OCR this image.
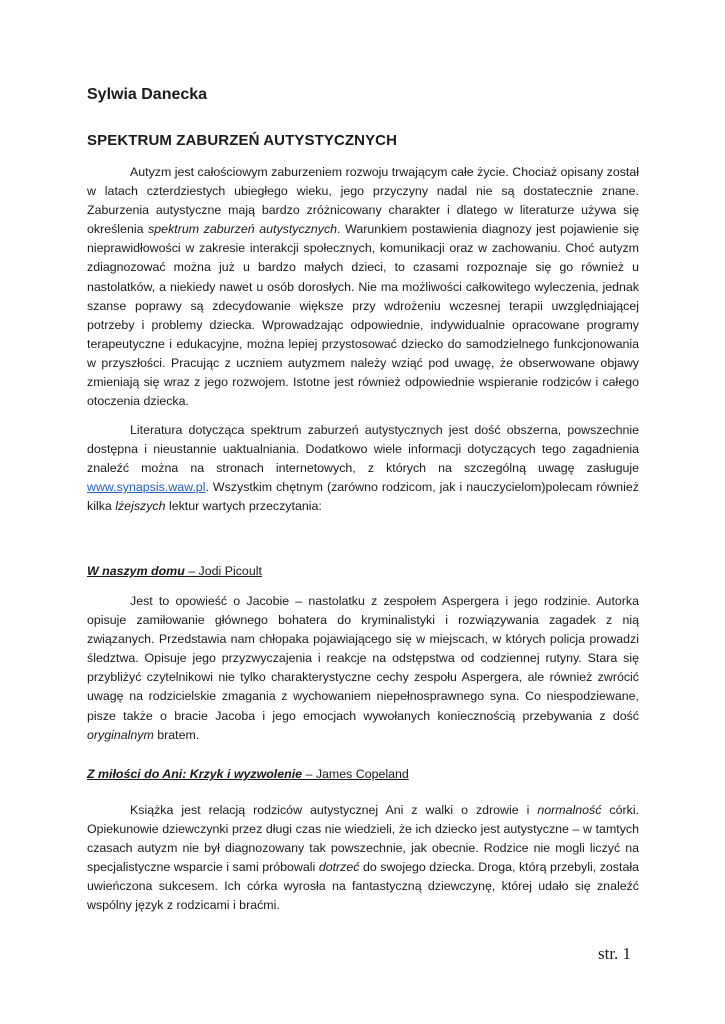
Sylwia Danecka
SPEKTRUM ZABURZEŃ AUTYSTYCZNYCH

Autyzm jest całościowym zaburzeniem rozwoju trwającym całe życie. Chociaż opisany został w latach czterdziestych ubiegłego wieku, jego przyczyny nadal nie są dostatecznie znane. Zaburzenia autystyczne mają bardzo zróżnicowany charakter i dlatego w literaturze używa się określenia spektrum zaburzeń autystycznych. Warunkiem postawienia diagnozy jest pojawienie się nieprawidłowości w zakresie interakcji społecznych, komunikacji oraz w zachowaniu. Choć autyzm zdiagnozować można już u bardzo małych dzieci, to czasami rozpoznaje się go również u nastolatków, a niekiedy nawet u osób dorosłych. Nie ma możliwości całkowitego wyleczenia, jednak szanse poprawy są zdecydowanie większe przy wdrożeniu wczesnej terapii uwzględniającej potrzeby i problemy dziecka. Wprowadzając odpowiednie, indywidualnie opracowane programy terapeutyczne i edukacyjne, można lepiej przystosować dziecko do samodzielnego funkcjonowania w przyszłości. Pracując z uczniem autyzmem należy wziąć pod uwagę, że obserwowane objawy zmieniają się wraz z jego rozwojem. Istotne jest również odpowiednie wspieranie rodziców i całego otoczenia dziecka.

Literatura dotycząca spektrum zaburzeń autystycznych jest dość obszerna, powszechnie dostępna i nieustannie uaktualniania. Dodatkowo wiele informacji dotyczących tego zagadnienia znaleźć można na stronach internetowych, z których na szczególną uwagę zasługuje www.synapsis.waw.pl. Wszystkim chętnym (zarówno rodzicom, jak i nauczycielom)polecam również kilka lżejszych lektur wartych przeczytania:

W naszym domu – Jodi Picoult

Jest to opowieść o Jacobie – nastolatku z zespołem Aspergera i jego rodzinie. Autorka opisuje zamiłowanie głównego bohatera do kryminalistyki i rozwiązywania zagadek z nią związanych. Przedstawia nam chłopaka pojawiającego się w miejscach, w których policja prowadzi śledztwa. Opisuje jego przyzwyczajenia i reakcje na odstępstwa od codziennej rutyny. Stara się przybliżyć czytelnikowi nie tylko charakterystyczne cechy zespołu Aspergera, ale również zwrócić uwagę na rodzicielskie zmagania z wychowaniem niepełnosprawnego syna. Co niespodziewane, pisze także o bracie Jacoba i jego emocjach wywołanych koniecznością przebywania z dość oryginalnym bratem.

Z miłości do Ani: Krzyk i wyzwolenie – James Copeland

Książka jest relacją rodziców autystycznej Ani z walki o zdrowie i normalność córki. Opiekunowie dziewczynki przez długi czas nie wiedzieli, że ich dziecko jest autystyczne – w tamtych czasach autyzm nie był diagnozowany tak powszechnie, jak obecnie. Rodzice nie mogli liczyć na specjalistyczne wsparcie i sami próbowali dotrzeć do swojego dziecka. Droga, którą przebyli, została uwieńczona sukcesem. Ich córka wyrosła na fantastyczną dziewczynę, której udało się znaleźć wspólny język z rodzicami i braćmi.

str. 1
